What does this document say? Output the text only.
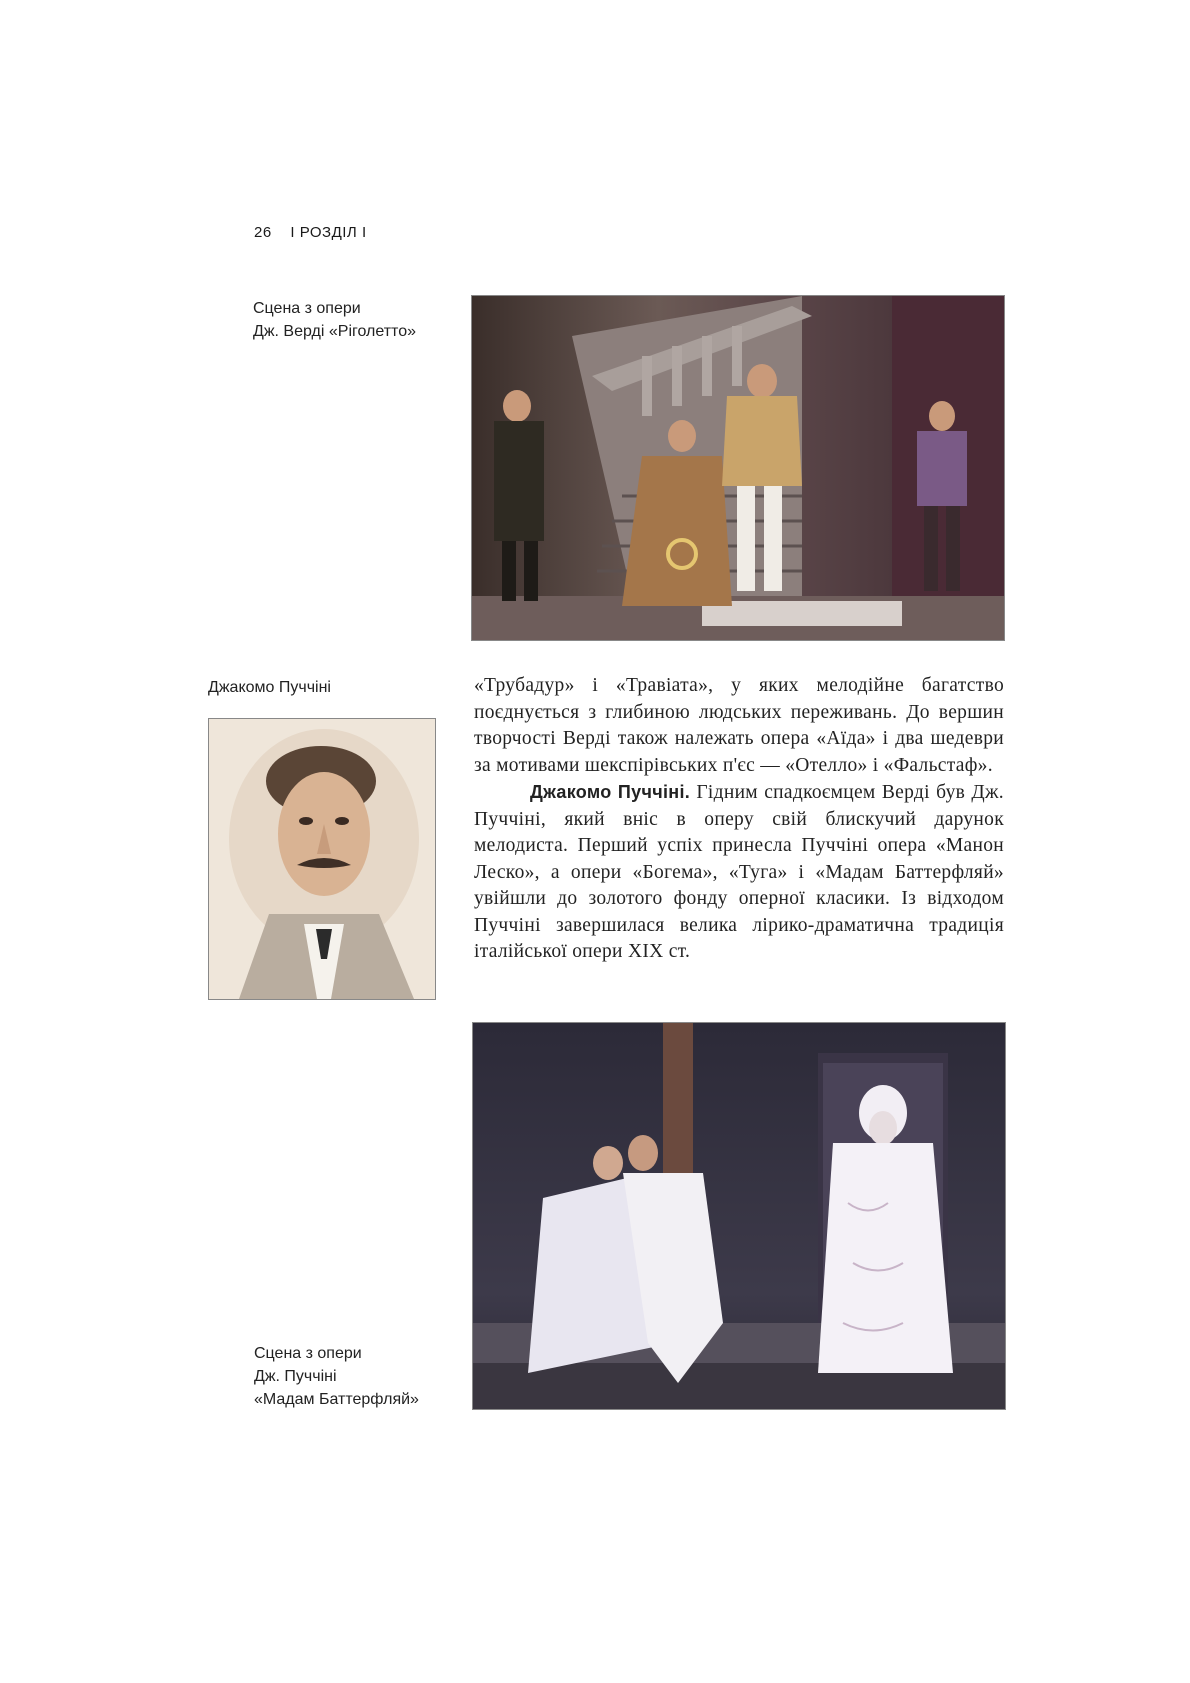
26 I РОЗДІЛ I
Сцена з опери
Дж. Верді «Ріголетто»
Джакомо Пуччіні	«Трубадур» і «Травіата», у яких мелодійне багатство поєднується з глибиною людських переживань. До вершин творчості Верді також належать опера «Аїда» і два шедеври за мотивами шекспірівських п'єс — «Отелло» і «Фальстаф».

Джакомо Пуччіні. Гідним спадкоємцем Верді був Дж. Пуччіні, який вніс в оперу свій блискучий дарунок мелодиста. Перший успіх принесла Пуччіні опера «Манон Леско», а опери «Богема», «Туга» і «Мадам Баттерфляй» увійшли до золотого фонду оперної класики. Із відходом Пуччіні завершилася велика лірико-драматична традиція італійської опери XIX ст.

Сцена з опери
Дж. Пуччіні
«Мадам Баттерфляй»
